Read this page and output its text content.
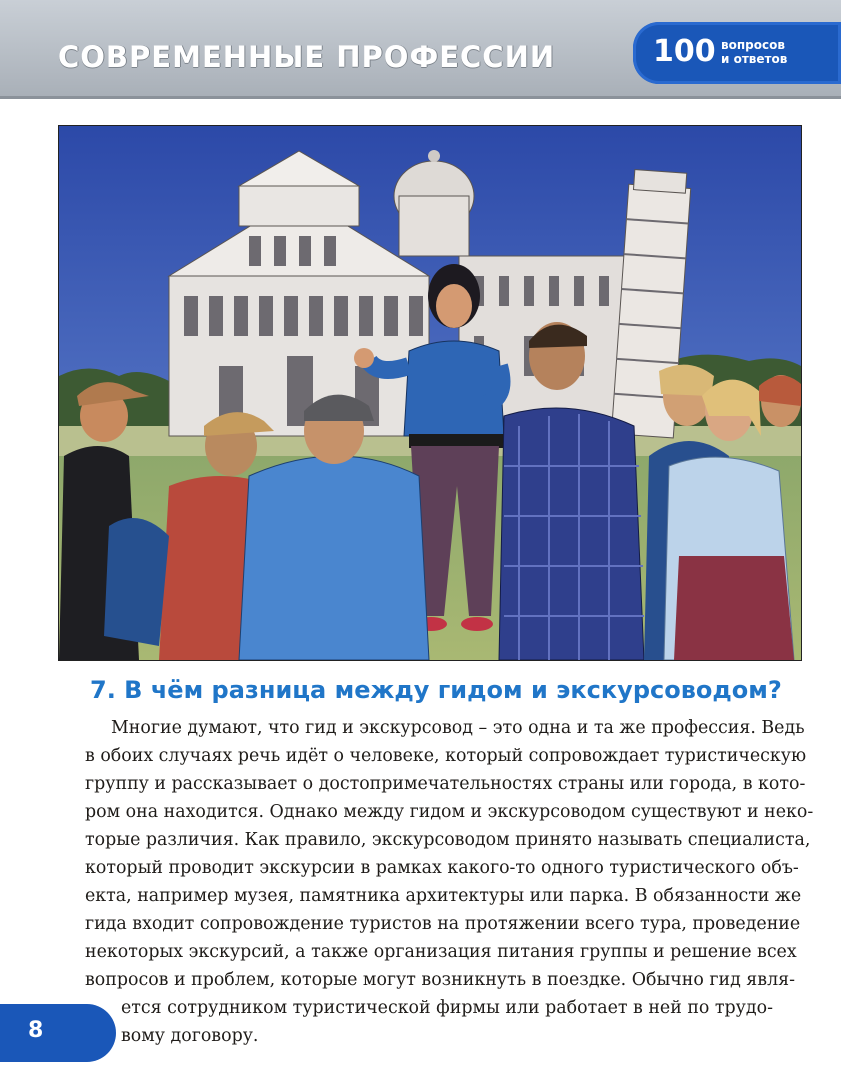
СОВРЕМЕННЫЕ ПРОФЕССИИ	100 вопросов
и ответов
7. В чём разница между гидом и экскурсоводом?
Многие думают, что гид и экскурсовод – это одна и та же профессия. Ведь
в обоих случаях речь идёт о человеке, который сопровождает туристическую
группу и рассказывает о достопримечательностях страны или города, в кото-
ром она находится. Однако между гидом и экскурсоводом существуют и неко-
торые различия. Как правило, экскурсоводом принято называть специалиста,
который проводит экскурсии в рамках какого-то одного туристического объ-
екта, например музея, памятника архитектуры или парка. В обязанности же
гида входит сопровождение туристов на протяжении всего тура, проведение
некоторых экскурсий, а также организация питания группы и решение всех
вопросов и проблем, которые могут возникнуть в поездке. Обычно гид явля-
ется сотрудником туристической фирмы или работает в ней по трудо-
вому договору.
8
